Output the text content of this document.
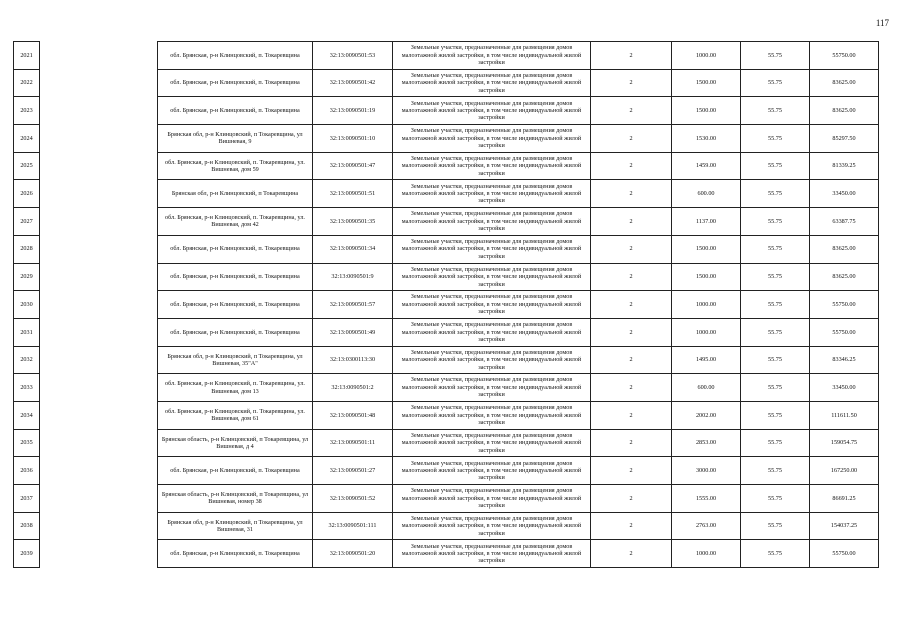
117
2021		обл. Брянская, р-н Клинцовский, п. Токаревщина	32:13:0090501:53	Земельные участки, предназначенные для размещения домов малоэтажной жилой застройки, в том числе индивидуальной жилой застройки	2	1000.00	55.75	55750.00
2022		обл. Брянская, р-н Клинцовский, п. Токаревщина	32:13:0090501:42	Земельные участки, предназначенные для размещения домов малоэтажной жилой застройки, в том числе индивидуальной жилой застройки	2	1500.00	55.75	83625.00
2023		обл. Брянская, р-н Клинцовский, п. Токаревщина	32:13:0090501:19	Земельные участки, предназначенные для размещения домов малоэтажной жилой застройки, в том числе индивидуальной жилой застройки	2	1500.00	55.75	83625.00
2024		Брянская обл, р-н Клинцовский, п Токаревщина, ул Вишневая, 9	32:13:0090501:10	Земельные участки, предназначенные для размещения домов малоэтажной жилой застройки, в том числе индивидуальной жилой застройки	2	1530.00	55.75	85297.50
2025		обл. Брянская, р-н Клинцовский, п. Токаревщина, ул. Вишневая, дом 59	32:13:0090501:47	Земельные участки, предназначенные для размещения домов малоэтажной жилой застройки, в том числе индивидуальной жилой застройки	2	1459.00	55.75	81339.25
2026		Брянская обл, р-н Клинцовский, п Токаревщина	32:13:0090501:51	Земельные участки, предназначенные для размещения домов малоэтажной жилой застройки, в том числе индивидуальной жилой застройки	2	600.00	55.75	33450.00
2027		обл. Брянская, р-н Клинцовский, п. Токаревщина, ул. Вишневая, дом 42	32:13:0090501:35	Земельные участки, предназначенные для размещения домов малоэтажной жилой застройки, в том числе индивидуальной жилой застройки	2	1137.00	55.75	63387.75
2028		обл. Брянская, р-н Клинцовский, п. Токаревщина	32:13:0090501:34	Земельные участки, предназначенные для размещения домов малоэтажной жилой застройки, в том числе индивидуальной жилой застройки	2	1500.00	55.75	83625.00
2029		обл. Брянская, р-н Клинцовский, п. Токаревщина	32:13:0090501:9	Земельные участки, предназначенные для размещения домов малоэтажной жилой застройки, в том числе индивидуальной жилой застройки	2	1500.00	55.75	83625.00
2030		обл. Брянская, р-н Клинцовский, п. Токаревщина	32:13:0090501:57	Земельные участки, предназначенные для размещения домов малоэтажной жилой застройки, в том числе индивидуальной жилой застройки	2	1000.00	55.75	55750.00
2031		обл. Брянская, р-н Клинцовский, п. Токаревщина	32:13:0090501:49	Земельные участки, предназначенные для размещения домов малоэтажной жилой застройки, в том числе индивидуальной жилой застройки	2	1000.00	55.75	55750.00
2032		Брянская обл, р-н Клинцовский, п Токаревщина, ул Вишневая, 35"А"	32:13:0300113:30	Земельные участки, предназначенные для размещения домов малоэтажной жилой застройки, в том числе индивидуальной жилой застройки	2	1495.00	55.75	83346.25
2033		обл. Брянская, р-н Клинцовский, п. Токаревщина, ул. Вишневая, дом 13	32:13:0090501:2	Земельные участки, предназначенные для размещения домов малоэтажной жилой застройки, в том числе индивидуальной жилой застройки	2	600.00	55.75	33450.00
2034		обл. Брянская, р-н Клинцовский, п. Токаревщина, ул. Вишневая, дом 61	32:13:0090501:48	Земельные участки, предназначенные для размещения домов малоэтажной жилой застройки, в том числе индивидуальной жилой застройки	2	2002.00	55.75	111611.50
2035		Брянская область, р-н Клинцовский, п Токаревщина, ул Вишневая, д 4	32:13:0090501:11	Земельные участки, предназначенные для размещения домов малоэтажной жилой застройки, в том числе индивидуальной жилой застройки	2	2853.00	55.75	159054.75
2036		обл. Брянская, р-н Клинцовский, п. Токаревщина	32:13:0090501:27	Земельные участки, предназначенные для размещения домов малоэтажной жилой застройки, в том числе индивидуальной жилой застройки	2	3000.00	55.75	167250.00
2037		Брянская область, р-н Клинцовский, п Токаревщина, ул Вишневая, номер 38	32:13:0090501:52	Земельные участки, предназначенные для размещения домов малоэтажной жилой застройки, в том числе индивидуальной жилой застройки	2	1555.00	55.75	86691.25
2038		Брянская обл, р-н Клинцовский, п Токаревщина, ул Вишневая, 31	32:13:0090501:111	Земельные участки, предназначенные для размещения домов малоэтажной жилой застройки, в том числе индивидуальной жилой застройки	2	2763.00	55.75	154037.25
2039		обл. Брянская, р-н Клинцовский, п. Токаревщина	32:13:0090501:20	Земельные участки, предназначенные для размещения домов малоэтажной жилой застройки, в том числе индивидуальной жилой застройки	2	1000.00	55.75	55750.00
